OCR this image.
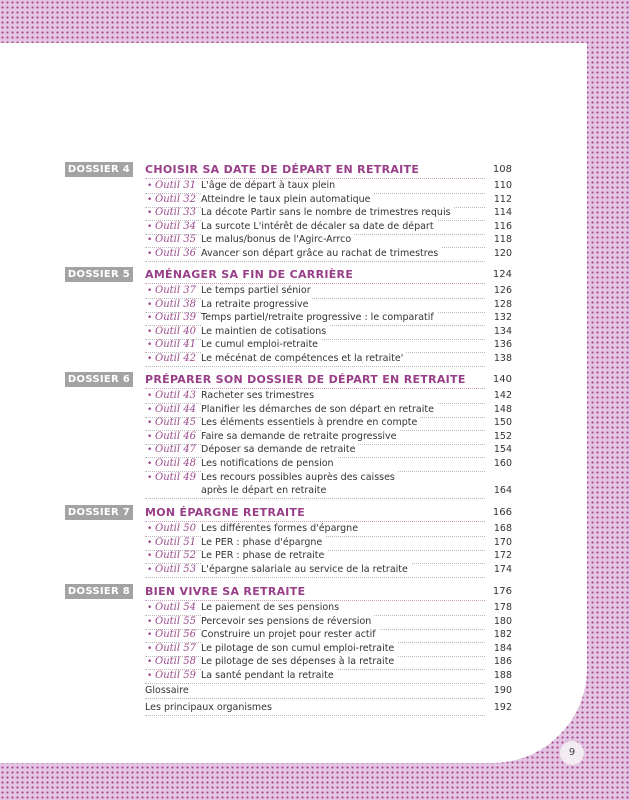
DOSSIER 4 CHOISIR SA DATE DE DÉPART EN RETRAITE	108
• Outil 31 L'âge de départ à taux plein	110
• Outil 32 Atteindre le taux plein automatique	112
• Outil 33 La décote Partir sans le nombre de trimestres requis	114
• Outil 34 La surcote L'intérêt de décaler sa date de départ	116
• Outil 35 Le malus/bonus de l'Agirc-Arrco	118
• Outil 36 Avancer son départ grâce au rachat de trimestres	120
DOSSIER 5 AMÉNAGER SA FIN DE CARRIÈRE	124
• Outil 37 Le temps partiel sénior	126
• Outil 38 La retraite progressive	128
• Outil 39 Temps partiel/retraite progressive : le comparatif	132
• Outil 40 Le maintien de cotisations	134
• Outil 41 Le cumul emploi-retraite	136
• Outil 42 Le mécénat de compétences et la retraite'	138
DOSSIER 6 PRÉPARER SON DOSSIER DE DÉPART EN RETRAITE	140
• Outil 43 Racheter ses trimestres	142
• Outil 44 Planifier les démarches de son départ en retraite	148
• Outil 45 Les éléments essentiels à prendre en compte	150
• Outil 46 Faire sa demande de retraite progressive	152
• Outil 47 Déposer sa demande de retraite	154
• Outil 48 Les notifications de pension	160
• Outil 49 Les recours possibles auprès des caisses
après le départ en retraite	164
DOSSIER 7 MON ÉPARGNE RETRAITE	166
• Outil 50 Les différentes formes d'épargne	168
• Outil 51 Le PER : phase d'épargne	170
• Outil 52 Le PER : phase de retraite	172
• Outil 53 L'épargne salariale au service de la retraite	174
DOSSIER 8 BIEN VIVRE SA RETRAITE	176
• Outil 54 Le paiement de ses pensions	178
• Outil 55 Percevoir ses pensions de réversion	180
• Outil 56 Construire un projet pour rester actif	182
• Outil 57 Le pilotage de son cumul emploi-retraite	184
• Outil 58 Le pilotage de ses dépenses à la retraite	186
• Outil 59 La santé pendant la retraite	188
Glossaire	190
Les principaux organismes	192
9
